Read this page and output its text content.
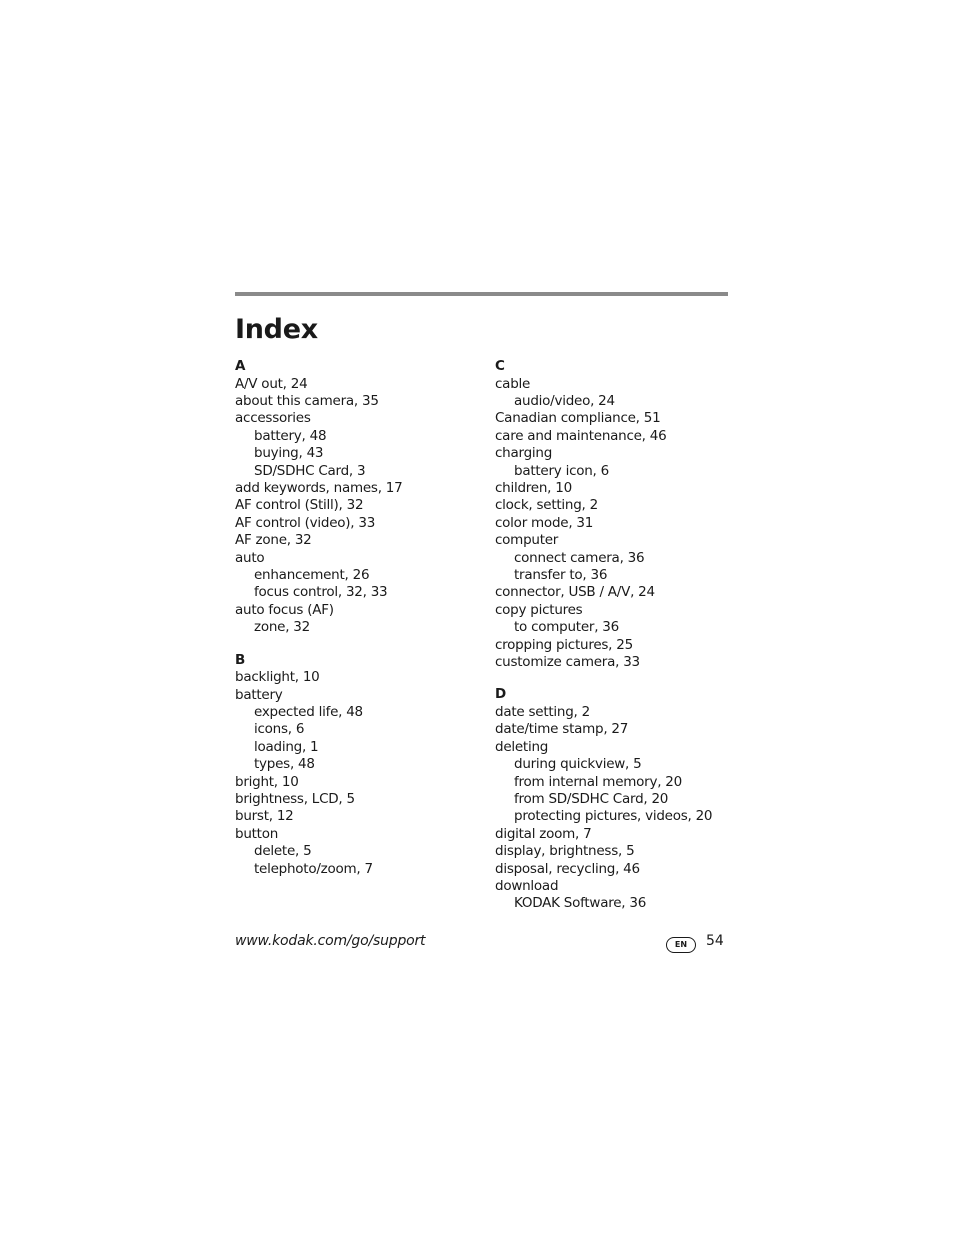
Index
A
A/V out, 24
about this camera, 35
accessories
battery, 48
buying, 43
SD/SDHC Card, 3
add keywords, names, 17
AF control (Still), 32
AF control (video), 33
AF zone, 32
auto
enhancement, 26
focus control, 32, 33
auto focus (AF)
zone, 32
B
backlight, 10
battery
expected life, 48
icons, 6
loading, 1
types, 48
bright, 10
brightness, LCD, 5
burst, 12
button
delete, 5
telephoto/zoom, 7
C
cable
audio/video, 24
Canadian compliance, 51
care and maintenance, 46
charging
battery icon, 6
children, 10
clock, setting, 2
color mode, 31
computer
connect camera, 36
transfer to, 36
connector, USB / A/V, 24
copy pictures
to computer, 36
cropping pictures, 25
customize camera, 33
D
date setting, 2
date/time stamp, 27
deleting
during quickview, 5
from internal memory, 20
from SD/SDHC Card, 20
protecting pictures, videos, 20
digital zoom, 7
display, brightness, 5
disposal, recycling, 46
download
KODAK Software, 36
www.kodak.com/go/support	EN	54
